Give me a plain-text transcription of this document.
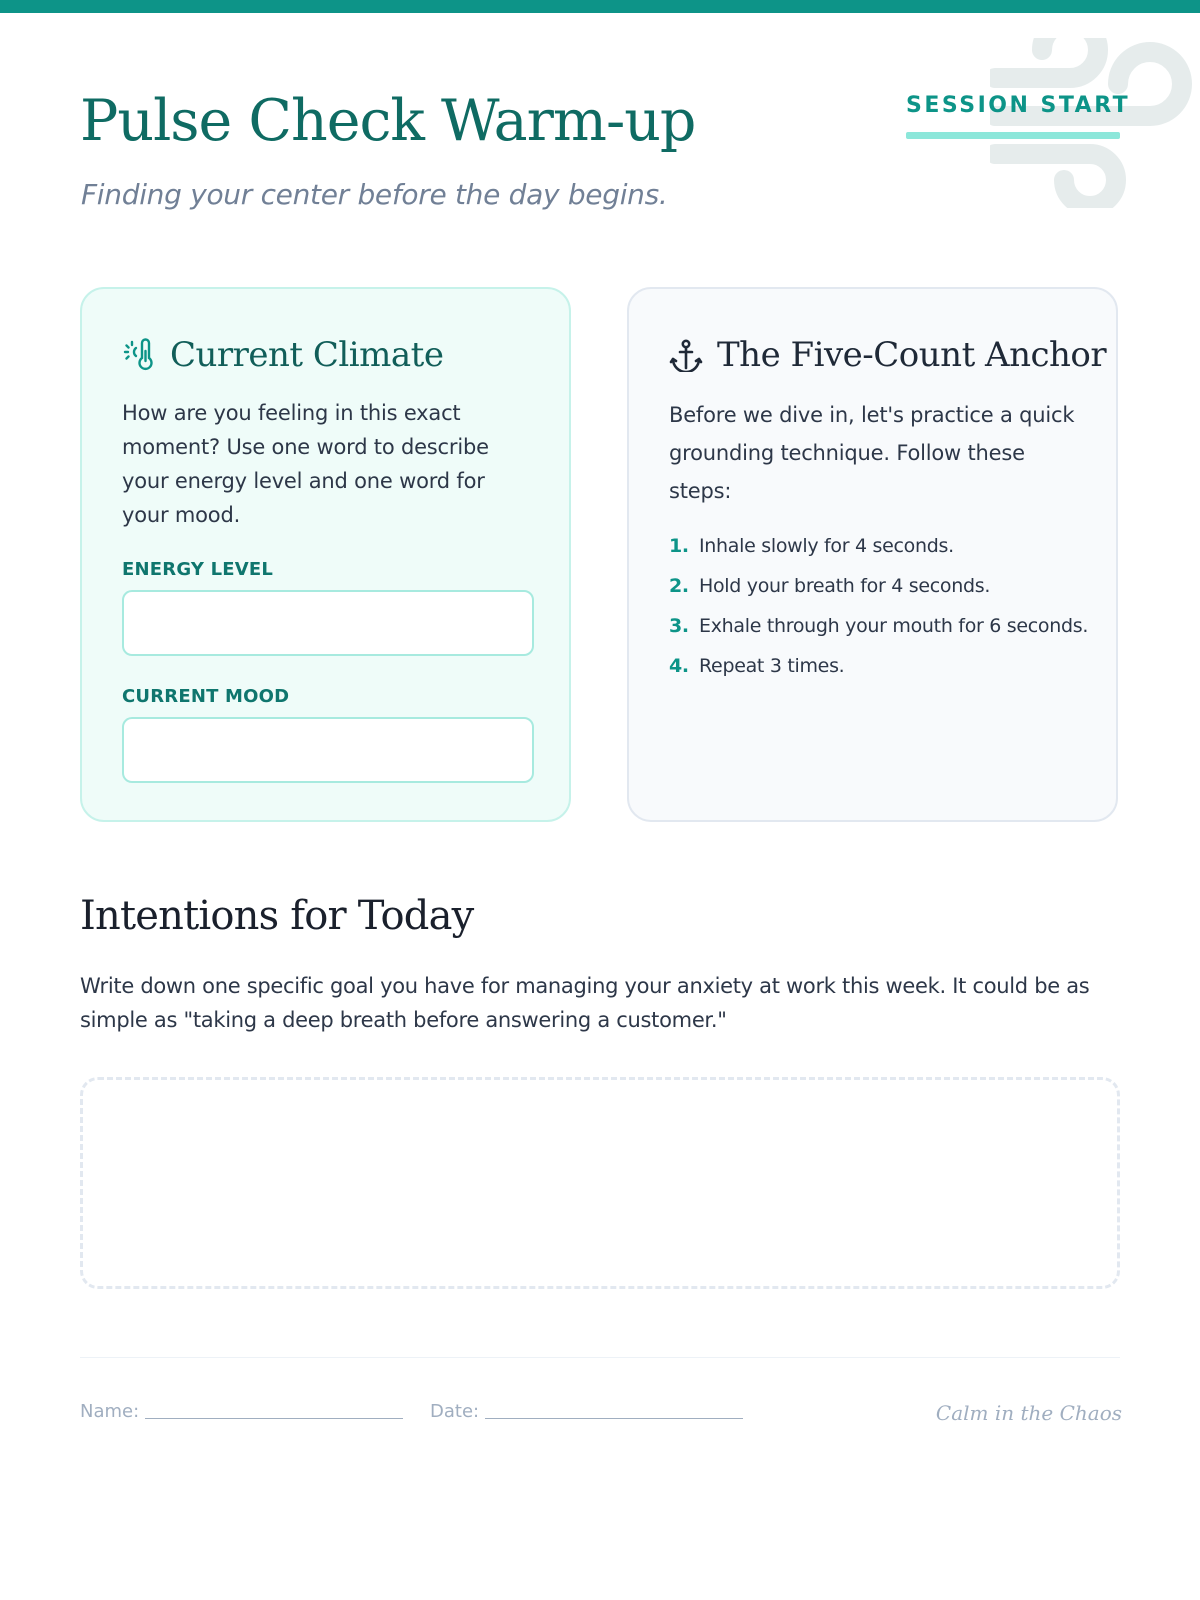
Pulse Check Warm-up

Finding your center before the day begins.

SESSION START
Current Climate

How are you feeling in this exact moment? Use one word to describe your energy level and one word for your mood.

ENERGY LEVEL
CURRENT MOOD
The Five-Count Anchor

Before we dive in, let's practice a quick grounding technique. Follow these steps:

1. Inhale slowly for 4 seconds.
2. Hold your breath for 4 seconds.
3. Exhale through your mouth for 6 seconds.
4. Repeat 3 times.
Intentions for Today

Write down one specific goal you have for managing your anxiety at work this week. It could be as simple as "taking a deep breath before answering a customer."

Name:	Date:	Calm in the Chaos
